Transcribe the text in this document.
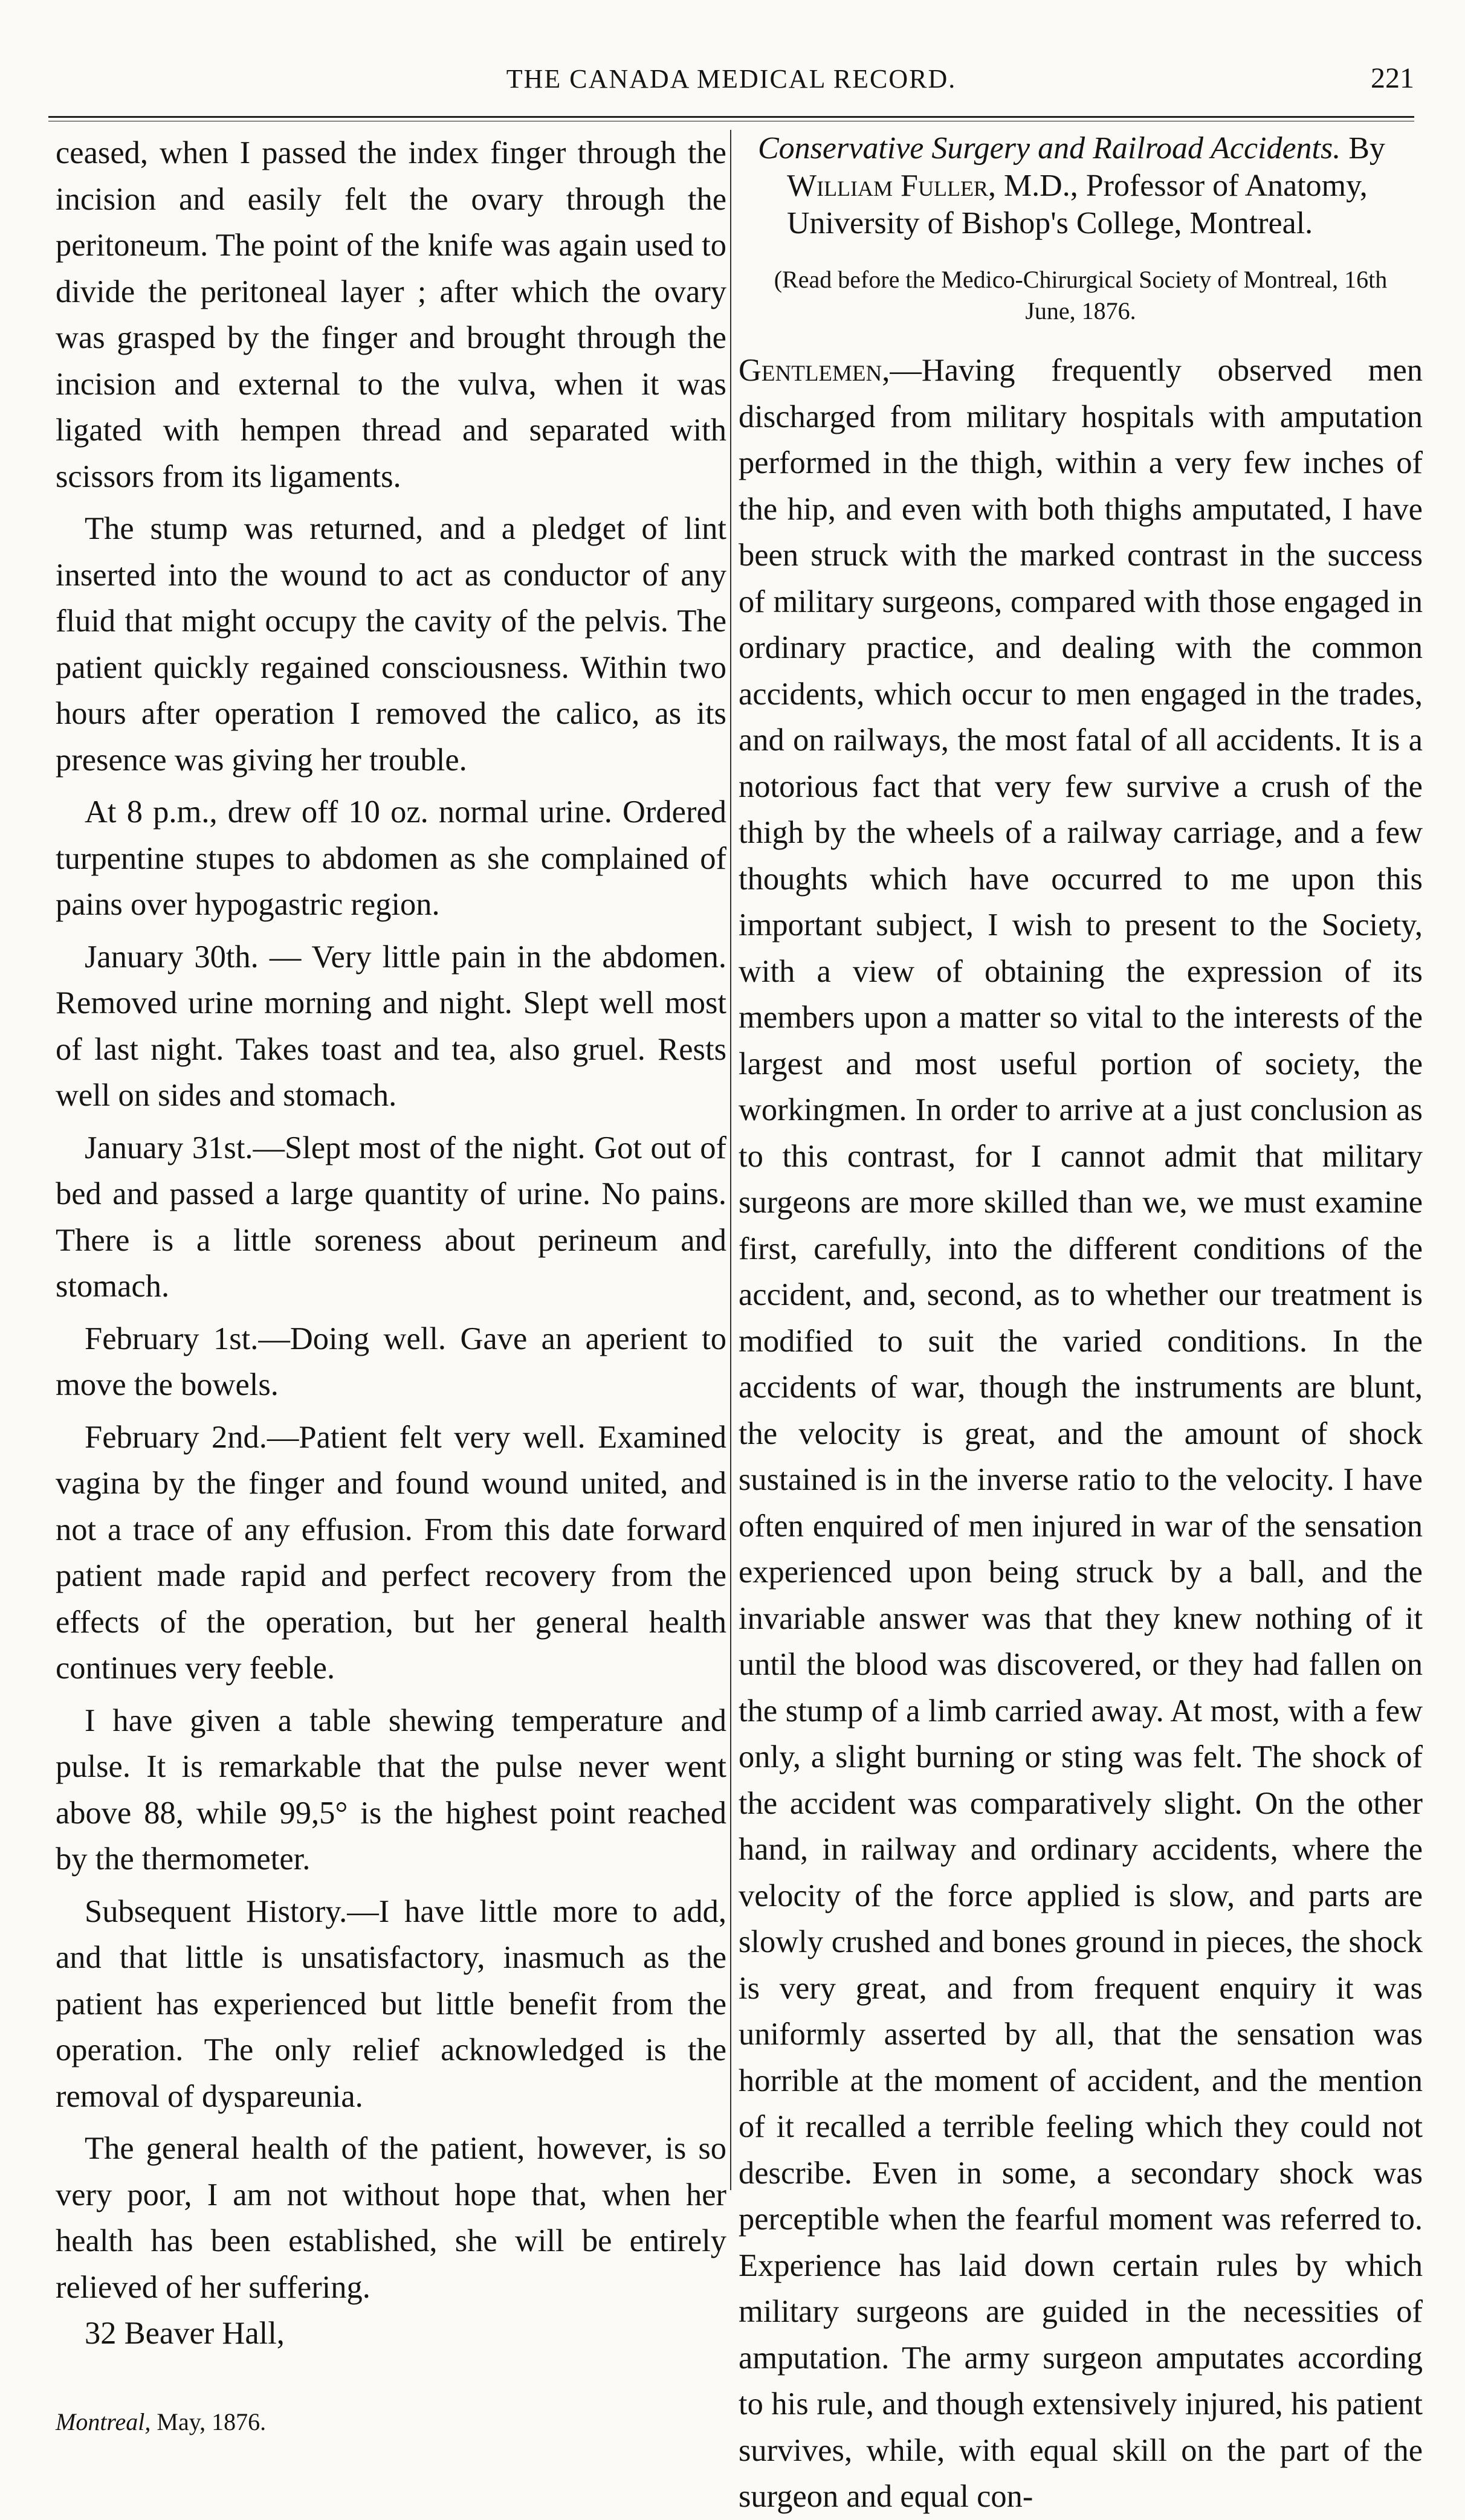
THE CANADA MEDICAL RECORD.	221

ceased, when I passed the index finger through the incision and easily felt the ovary through the peritoneum. The point of the knife was again used to divide the peritoneal layer ; after which the ovary was grasped by the finger and brought through the incision and external to the vulva, when it was ligated with hempen thread and separated with scissors from its ligaments.

The stump was returned, and a pledget of lint inserted into the wound to act as conductor of any fluid that might occupy the cavity of the pelvis. The patient quickly regained consciousness. Within two hours after operation I removed the calico, as its presence was giving her trouble.

At 8 p.m., drew off 10 oz. normal urine. Ordered turpentine stupes to abdomen as she complained of pains over hypogastric region.

January 30th. — Very little pain in the abdomen. Removed urine morning and night. Slept well most of last night. Takes toast and tea, also gruel. Rests well on sides and stomach.

January 31st.—Slept most of the night. Got out of bed and passed a large quantity of urine. No pains. There is a little soreness about perineum and stomach.

February 1st.—Doing well. Gave an aperient to move the bowels.

February 2nd.—Patient felt very well. Examined vagina by the finger and found wound united, and not a trace of any effusion. From this date forward patient made rapid and perfect recovery from the effects of the operation, but her general health continues very feeble.

I have given a table shewing temperature and pulse. It is remarkable that the pulse never went above 88, while 99,5° is the highest point reached by the thermometer.

Subsequent History.—I have little more to add, and that little is unsatisfactory, inasmuch as the patient has experienced but little benefit from the operation. The only relief acknowledged is the removal of dyspareunia.

The general health of the patient, however, is so very poor, I am not without hope that, when her health has been established, she will be entirely relieved of her suffering.

32 Beaver Hall,

Montreal, May, 1876.

Conservative Surgery and Railroad Accidents. By

William Fuller, M.D., Professor of Anatomy,

University of Bishop's College, Montreal.

(Read before the Medico-Chirurgical Society of Montreal, 16th June, 1876.

Gentlemen,—Having frequently observed men discharged from military hospitals with amputation performed in the thigh, within a very few inches of the hip, and even with both thighs amputated, I have been struck with the marked contrast in the success of military surgeons, compared with those engaged in ordinary practice, and dealing with the common accidents, which occur to men engaged in the trades, and on railways, the most fatal of all accidents. It is a notorious fact that very few survive a crush of the thigh by the wheels of a railway carriage, and a few thoughts which have occurred to me upon this important subject, I wish to present to the Society, with a view of obtaining the expression of its members upon a matter so vital to the interests of the largest and most useful portion of society, the workingmen. In order to arrive at a just conclusion as to this contrast, for I cannot admit that military surgeons are more skilled than we, we must examine first, carefully, into the different conditions of the accident, and, second, as to whether our treatment is modified to suit the varied conditions. In the accidents of war, though the instruments are blunt, the velocity is great, and the amount of shock sustained is in the inverse ratio to the velocity. I have often enquired of men injured in war of the sensation experienced upon being struck by a ball, and the invariable answer was that they knew nothing of it until the blood was discovered, or they had fallen on the stump of a limb carried away. At most, with a few only, a slight burning or sting was felt. The shock of the accident was comparatively slight. On the other hand, in railway and ordinary accidents, where the velocity of the force applied is slow, and parts are slowly crushed and bones ground in pieces, the shock is very great, and from frequent enquiry it was uniformly asserted by all, that the sensation was horrible at the moment of accident, and the mention of it recalled a terrible feeling which they could not describe. Even in some, a secondary shock was perceptible when the fearful moment was referred to. Experience has laid down certain rules by which military surgeons are guided in the necessities of amputation. The army surgeon amputates according to his rule, and though extensively injured, his patient survives, while, with equal skill on the part of the surgeon and equal con-
